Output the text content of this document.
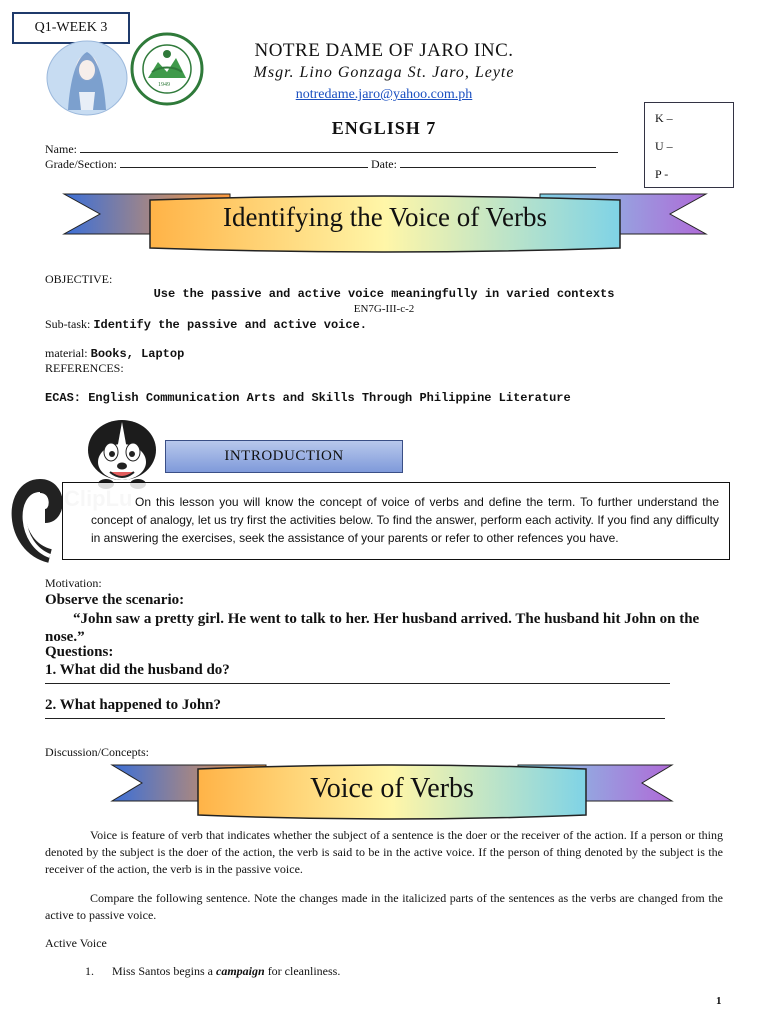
Q1-WEEK 3
1949
NOTRE DAME OF JARO INC.
Msgr. Lino Gonzaga St. Jaro, Leyte
notredame.jaro@yahoo.com.ph
K –
U –
P -
ENGLISH 7
Name:
Grade/Section:	Date:
Identifying the Voice of Verbs
OBJECTIVE:
Use the passive and active voice meaningfully in varied contexts
EN7G-III-c-2
Sub-task: Identify the passive and active voice.
material: Books, Laptop
REFERENCES:
ECAS: English Communication Arts and Skills Through Philippine Literature
INTRODUCTION

On this lesson you will know the concept of voice of verbs and define the term. To further understand the concept of analogy, let us try first the activities below. To find the answer, perform each activity. If you find any difficulty in answering the exercises, seek the assistance of your parents or refer to other refences you have.

Motivation:
Observe the scenario:
“John saw a pretty girl. He went to talk to her. Her husband arrived. The husband hit John on the nose.”
Questions:
1. What did the husband do?
2. What happened to John?
Discussion/Concepts:
Voice of Verbs
Voice is feature of verb that indicates whether the subject of a sentence is the doer or the receiver of the action. If a person or thing denoted by the subject is the doer of the action, the verb is said to be in the active voice. If the person of thing denoted by the subject is the receiver of the action, the verb is in the passive voice.
Compare the following sentence. Note the changes made in the italicized parts of the sentences as the verbs are changed from the active to passive voice.
Active Voice
1. Miss Santos begins a campaign for cleanliness.
1
